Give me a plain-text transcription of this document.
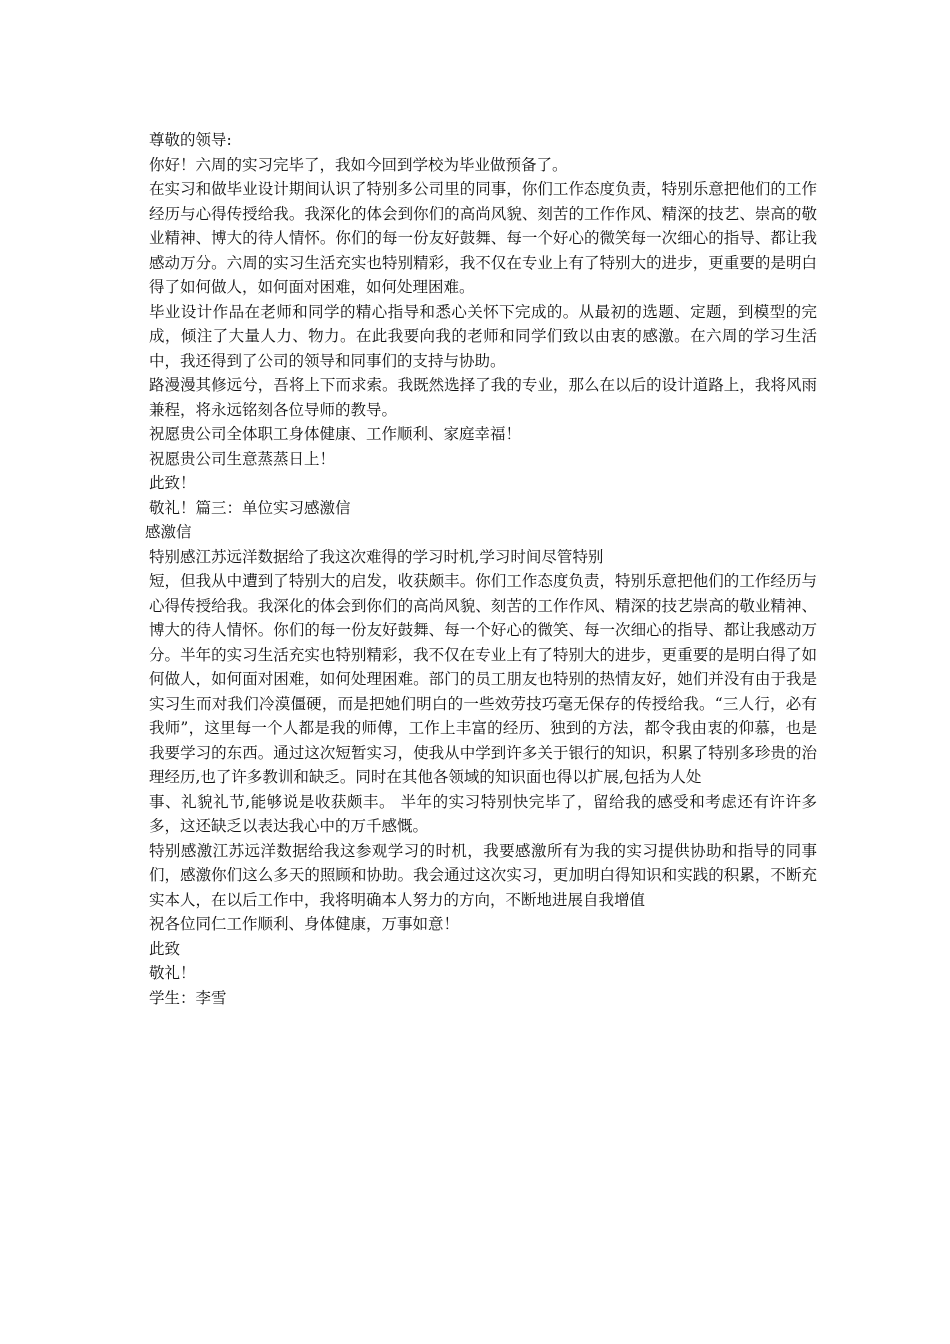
尊敬的领导:

你好！六周的实习完毕了，我如今回到学校为毕业做预备了。

在实习和做毕业设计期间认识了特别多公司里的同事，你们工作态度负责，特别乐意把他们的工作经历与心得传授给我。我深化的体会到你们的高尚风貌、刻苦的工作作风、精深的技艺、崇高的敬业精神、博大的待人情怀。你们的每一份友好鼓舞、每一个好心的微笑每一次细心的指导、都让我感动万分。六周的实习生活充实也特别精彩，我不仅在专业上有了特别大的进步，更重要的是明白得了如何做人，如何面对困难，如何处理困难。

毕业设计作品在老师和同学的精心指导和悉心关怀下完成的。从最初的选题、定题，到模型的完成，倾注了大量人力、物力。在此我要向我的老师和同学们致以由衷的感激。在六周的学习生活中，我还得到了公司的领导和同事们的支持与协助。

路漫漫其修远兮，吾将上下而求索。我既然选择了我的专业，那么在以后的设计道路上，我将风雨兼程，将永远铭刻各位导师的教导。

祝愿贵公司全体职工身体健康、工作顺利、家庭幸福！

祝愿贵公司生意蒸蒸日上！

此致！

敬礼！篇三：单位实习感激信

感激信

特别感江苏远洋数据给了我这次难得的学习时机,学习时间尽管特别

短，但我从中遭到了特别大的启发，收获颇丰。你们工作态度负责，特别乐意把他们的工作经历与心得传授给我。我深化的体会到你们的高尚风貌、刻苦的工作作风、精深的技艺崇高的敬业精神、博大的待人情怀。你们的每一份友好鼓舞、每一个好心的微笑、每一次细心的指导、都让我感动万分。半年的实习生活充实也特别精彩，我不仅在专业上有了特别大的进步，更重要的是明白得了如何做人，如何面对困难，如何处理困难。部门的员工朋友也特别的热情友好，她们并没有由于我是实习生而对我们冷漠僵硬，而是把她们明白的一些效劳技巧毫无保存的传授给我。“三人行，必有我师”，这里每一个人都是我的师傅，工作上丰富的经历、独到的方法，都令我由衷的仰慕，也是我要学习的东西。通过这次短暂实习，使我从中学到许多关于银行的知识，积累了特别多珍贵的治理经历,也了许多教训和缺乏。同时在其他各领域的知识面也得以扩展,包括为人处

事、礼貌礼节,能够说是收获颇丰。 半年的实习特别快完毕了，留给我的感受和考虑还有许许多多，这还缺乏以表达我心中的万千感慨。

特别感激江苏远洋数据给我这参观学习的时机，我要感激所有为我的实习提供协助和指导的同事们，感激你们这么多天的照顾和协助。我会通过这次实习，更加明白得知识和实践的积累，不断充实本人，在以后工作中，我将明确本人努力的方向，不断地进展自我增值

祝各位同仁工作顺利、身体健康，万事如意！

此致

敬礼！

学生：李雪
